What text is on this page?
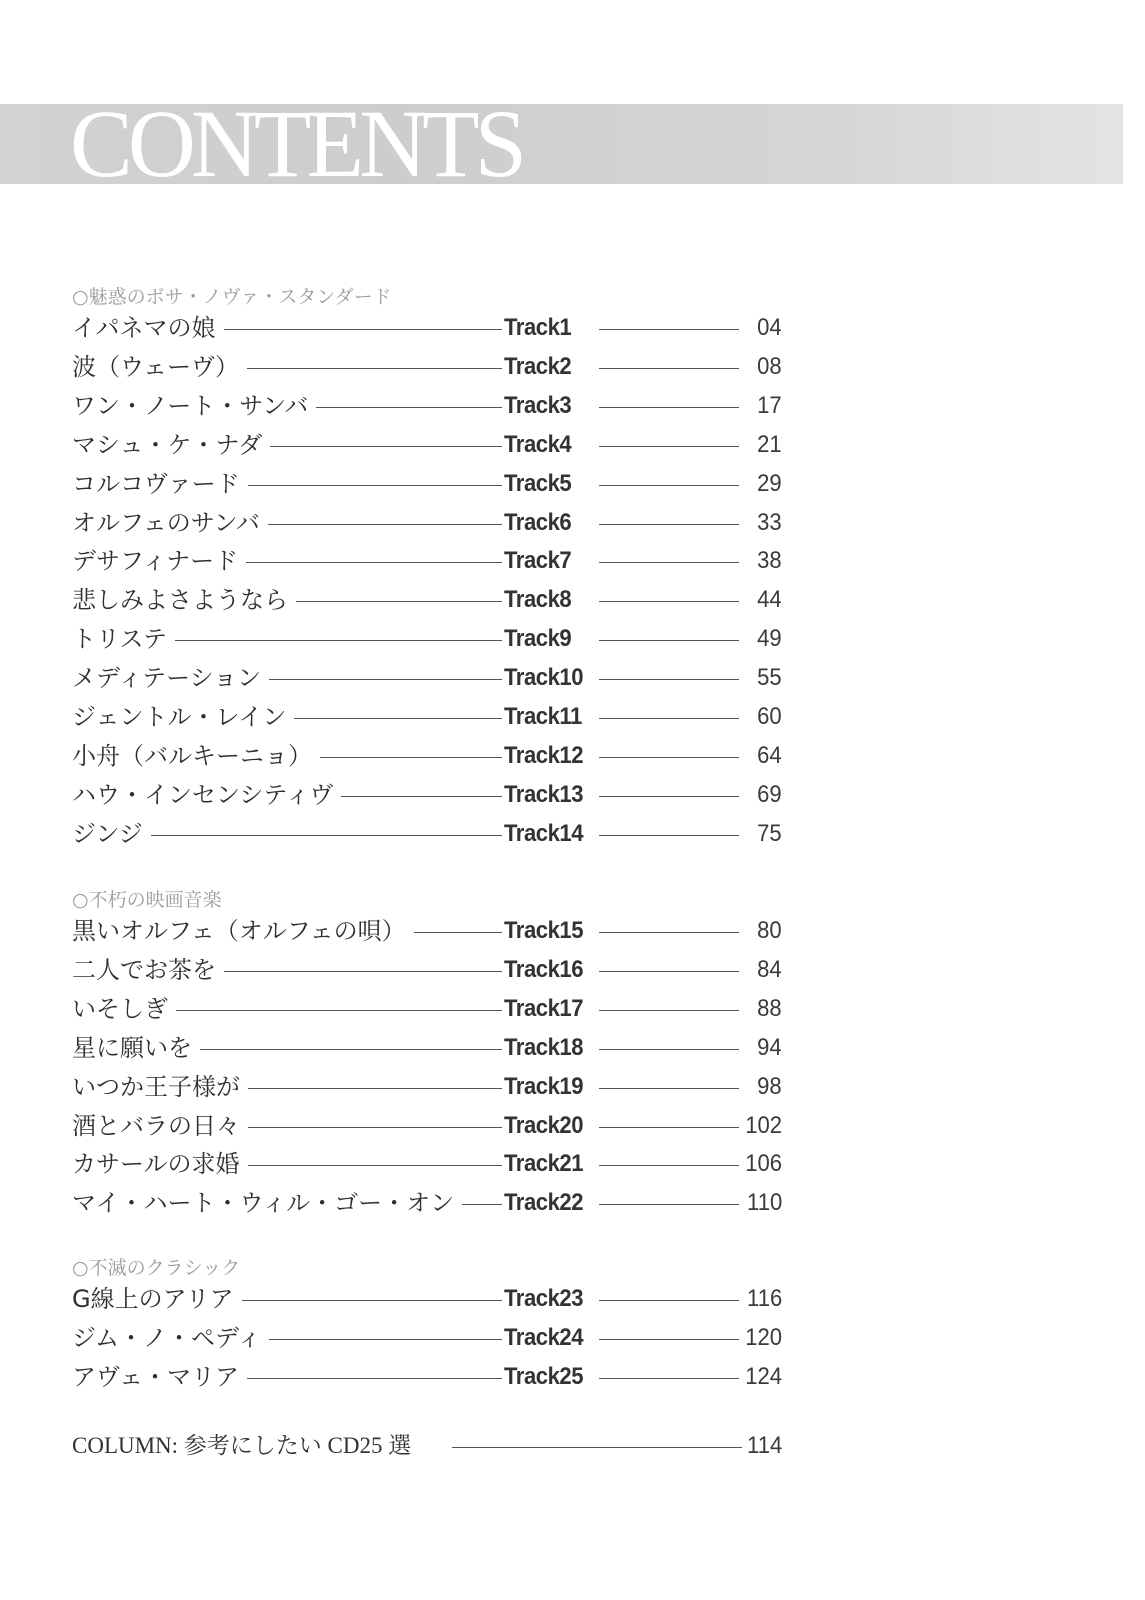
CONTENTS
○魅惑のボサ・ノヴァ・スタンダード
イパネマの娘	Track1	04
波（ウェーヴ）	Track2	08
ワン・ノート・サンバ	Track3	17
マシュ・ケ・ナダ	Track4	21
コルコヴァード	Track5	29
オルフェのサンバ	Track6	33
デサフィナード	Track7	38
悲しみよさようなら	Track8	44
トリステ	Track9	49
メディテーション	Track10	55
ジェントル・レイン	Track11	60
小舟（バルキーニョ）	Track12	64
ハウ・インセンシティヴ	Track13	69
ジンジ	Track14	75
○不朽の映画音楽
黒いオルフェ（オルフェの唄）	Track15	80
二人でお茶を	Track16	84
いそしぎ	Track17	88
星に願いを	Track18	94
いつか王子様が	Track19	98
酒とバラの日々	Track20	102
カサールの求婚	Track21	106
マイ・ハート・ウィル・ゴー・オン	Track22	110
○不滅のクラシック
G線上のアリア	Track23	116
ジム・ノ・ペディ	Track24	120
アヴェ・マリア	Track25	124
COLUMN: 参考にしたい CD25 選	114
